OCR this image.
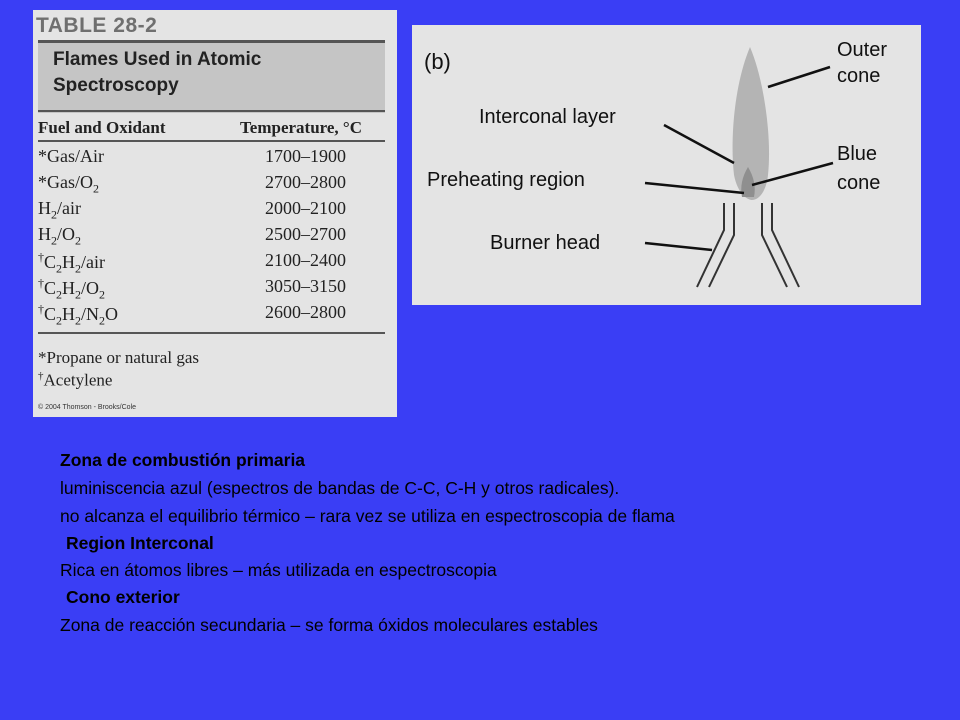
TABLE 28-2
Flames Used in Atomic
Spectroscopy
Fuel and Oxidant	Temperature, °C
*Gas/Air	1700–1900
$*Gas/O_2$	2700–2800
$H_2$/air	2000–2100
$H_2/O_2$	2500–2700
$^\dagger C_2H_2$/air	2100–2400
$^\dagger C_2H_2/O_2$	3050–3150
$^\dagger C_2H_2/N_2O$	2600–2800
*Propane or natural gas
†Acetylene
© 2004 Thomson - Brooks/Cole
(b)	Outer
cone
Interconal layer
Blue
cone
Preheating region
Burner head
Zona de combustión primaria
luminiscencia azul (espectros de bandas de C-C, C-H y otros radicales).
no alcanza el equilibrio térmico – rara vez se utiliza en espectroscopia de flama
Region Interconal
Rica en átomos libres – más utilizada en espectroscopia
Cono exterior
Zona de reacción secundaria – se forma óxidos moleculares estables
